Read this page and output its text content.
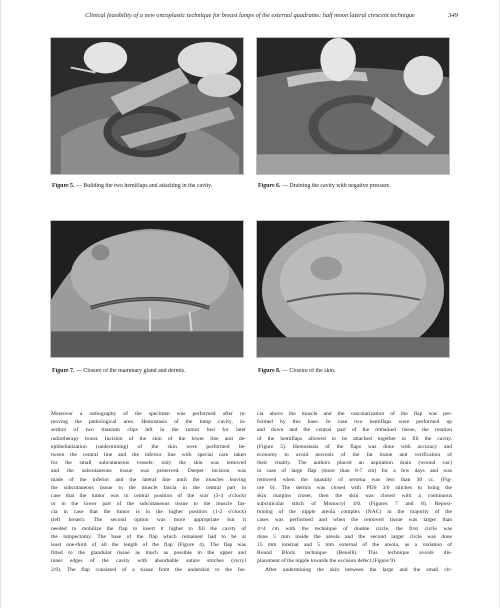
Clinical feasibility of a new oncoplastic technique for breast lumps of the external quadrants: half moon lateral crescent technique	349
Figure 5. — Building the two hemiflaps and attaching in the cavity.	Figure 6. — Draining the cavity with negative pressure.
Figure 7. — Closure of the mammary gland and dermis.	Figure 8. — Closure of the skin.
Moreover a radiography of the specimen was performed after re-
moving the pathological area. Hemostasis of the lump cavity, in-
sertion of two titanium clips left in the tumor bed for later
radiotherapy boost. Incision of the skin of the lower line and de-
epithelialization (undermining) of the skin were performed be-
tween the central line and the inferior line with special care taken
for the small subcutaneous vessels: only the skin was removed
and the subcutaneous tissue was preserved. Deeper incision was
made of the inferior and the lateral line until the muscles leaving
the subcutaneous tissue to the muscle fascia in the central part in
case that the tumor was in central position of the scar (3-4 o'clock)
or in the lower part of the subcutaneous tissue to the muscle fas-
cia in case that the tumor is in the higher position (1-2 o'clock)
(left breast). The second option was more appropriate but it
needed to mobilize the flap to insert it higher to fill the cavity of
the lumpectomy. The base of the flap which remained had to be at
least one-third of all the length of the flap (Figure 4). The flap was
fitted to the glandular tissue as much as possible in the upper and
inner edges of the cavity with absorbable suture stitches (vicryl
2/0). The flap consisted of a tissue from the underskin to the fas-
cia above the muscle and the vascularization of the flap was per-
formed by this base. In case two hemiflaps were performed up
and down and the central part of the remained tissue, the rotation
of the hemiflaps allowed to be attached together to fill the cavity.
(Figure 5). Hemostasis of the flaps was done with accuracy and
economy to avoid necrosis of the fat tissue and verification of
their vitality. The authors placed an aspiration drain (wound vac)
in case of large flap (more than 6-7 cm) for a few days and was
removed when the quantity of seroma was less than 30 cc. (Fig-
ure 6). The dermis was closed with PDS 3/0 stitches to bring the
skin margins closer, then the skin was closed with a continuous
subcuticular stitch of Monocryl 4/0. (Figures 7 and 8). Reposi-
tioning of the nipple areola complex (NAC) in the majority of the
cases was performed and when the removed tissue was larger than
4×4 cm with the technique of double circle, the first circle was
done 5 mm inside the areola and the second larger circle was done
15 mm internal and 5 mm external of the areola, as a variation of
Round Block technique (Benelli). This technique avoids dis-
placement of the nipple towards the excision defect (Figure 9).
After undermining the skin between the large and the small cir-
